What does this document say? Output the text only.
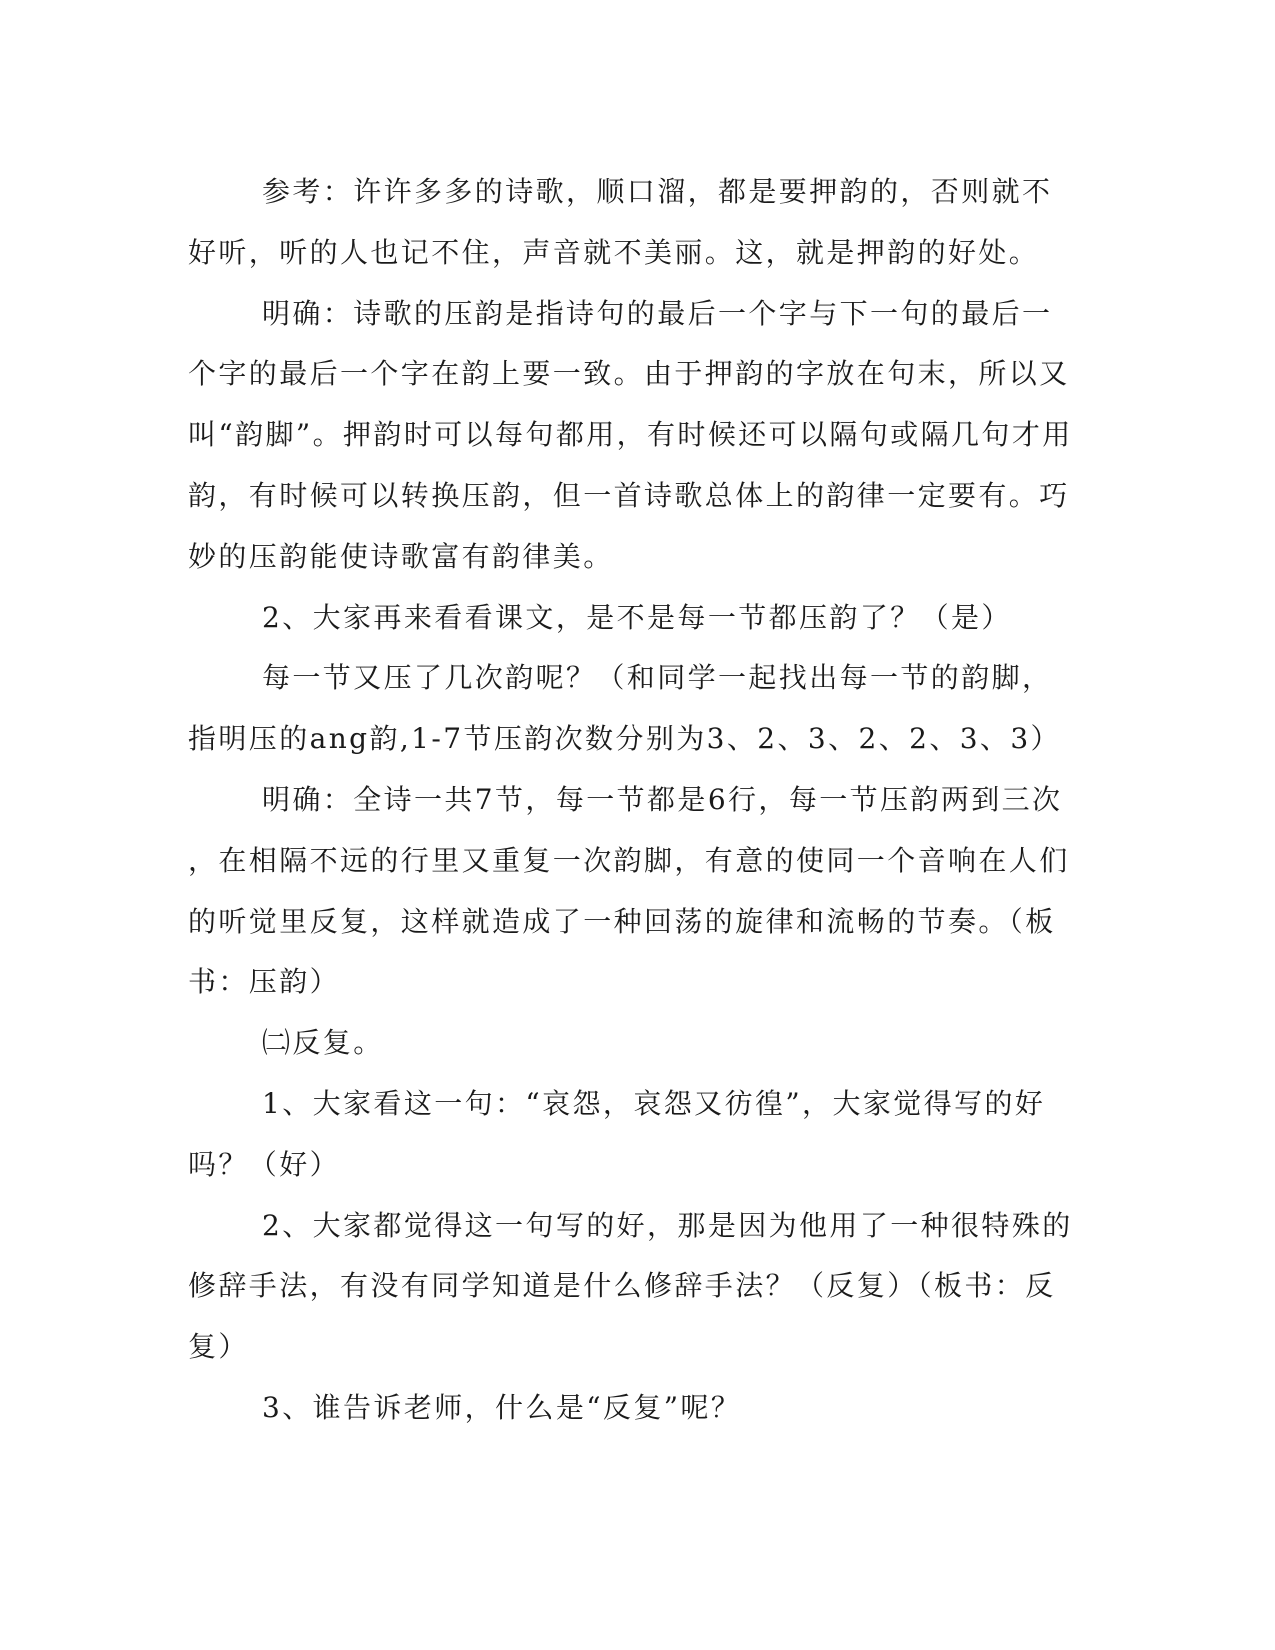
参考：许许多多的诗歌，顺口溜，都是要押韵的，否则就不好听，听的人也记不住，声音就不美丽。这，就是押韵的好处。

明确：诗歌的压韵是指诗句的最后一个字与下一句的最后一个字的最后一个字在韵上要一致。由于押韵的字放在句末，所以又叫“韵脚”。押韵时可以每句都用，有时候还可以隔句或隔几句才用韵，有时候可以转换压韵，但一首诗歌总体上的韵律一定要有。巧妙的压韵能使诗歌富有韵律美。

2、大家再来看看课文，是不是每一节都压韵了？（是）

每一节又压了几次韵呢？（和同学一起找出每一节的韵脚，指明压的ang韵,1-7节压韵次数分别为3、2、3、2、2、3、3）

明确：全诗一共7节，每一节都是6行，每一节压韵两到三次，在相隔不远的行里又重复一次韵脚，有意的使同一个音响在人们的听觉里反复，这样就造成了一种回荡的旋律和流畅的节奏。（板书：压韵）

㈡反复。

1、大家看这一句：“哀怨，哀怨又彷徨”，大家觉得写的好吗？（好）

2、大家都觉得这一句写的好，那是因为他用了一种很特殊的修辞手法，有没有同学知道是什么修辞手法？（反复）（板书：反复）

3、谁告诉老师，什么是“反复”呢？
